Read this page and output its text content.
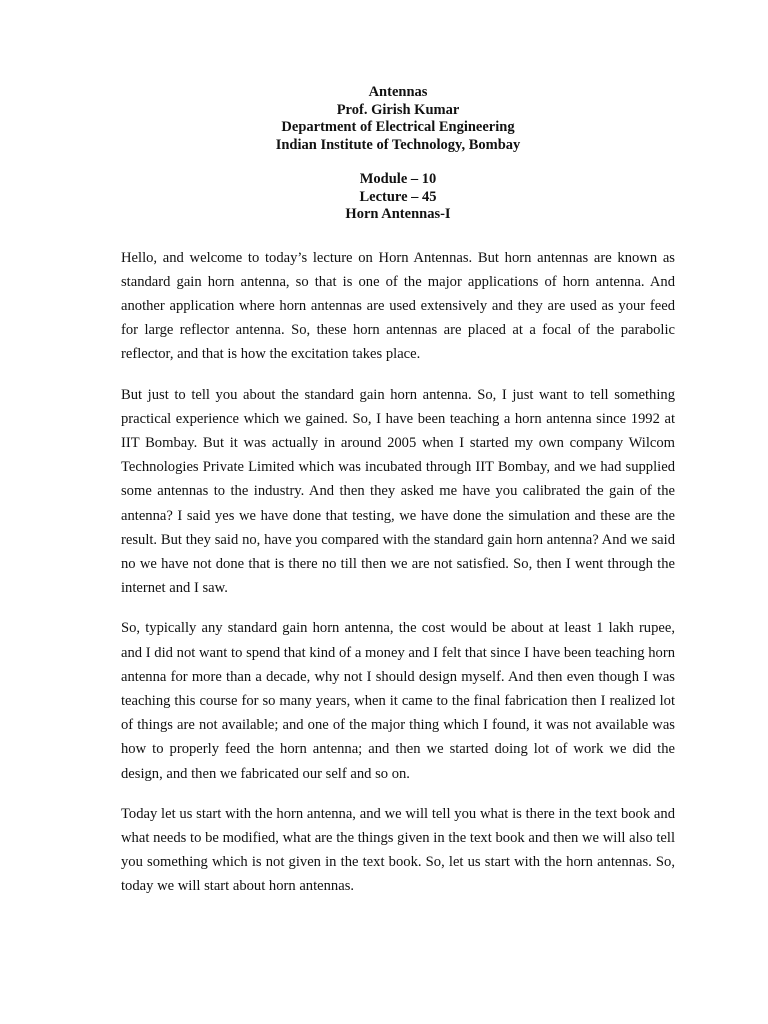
Antennas
Prof. Girish Kumar
Department of Electrical Engineering
Indian Institute of Technology, Bombay
Module – 10
Lecture – 45
Horn Antennas-I

Hello, and welcome to today’s lecture on Horn Antennas. But horn antennas are known as standard gain horn antenna, so that is one of the major applications of horn antenna. And another application where horn antennas are used extensively and they are used as your feed for large reflector antenna. So, these horn antennas are placed at a focal of the parabolic reflector, and that is how the excitation takes place.

But just to tell you about the standard gain horn antenna. So, I just want to tell something practical experience which we gained. So, I have been teaching a horn antenna since 1992 at IIT Bombay. But it was actually in around 2005 when I started my own company Wilcom Technologies Private Limited which was incubated through IIT Bombay, and we had supplied some antennas to the industry. And then they asked me have you calibrated the gain of the antenna? I said yes we have done that testing, we have done the simulation and these are the result. But they said no, have you compared with the standard gain horn antenna? And we said no we have not done that is there no till then we are not satisfied. So, then I went through the internet and I saw.

So, typically any standard gain horn antenna, the cost would be about at least 1 lakh rupee, and I did not want to spend that kind of a money and I felt that since I have been teaching horn antenna for more than a decade, why not I should design myself. And then even though I was teaching this course for so many years, when it came to the final fabrication then I realized lot of things are not available; and one of the major thing which I found, it was not available was how to properly feed the horn antenna; and then we started doing lot of work we did the design, and then we fabricated our self and so on.

Today let us start with the horn antenna, and we will tell you what is there in the text book and what needs to be modified, what are the things given in the text book and then we will also tell you something which is not given in the text book. So, let us start with the horn antennas. So, today we will start about horn antennas.
